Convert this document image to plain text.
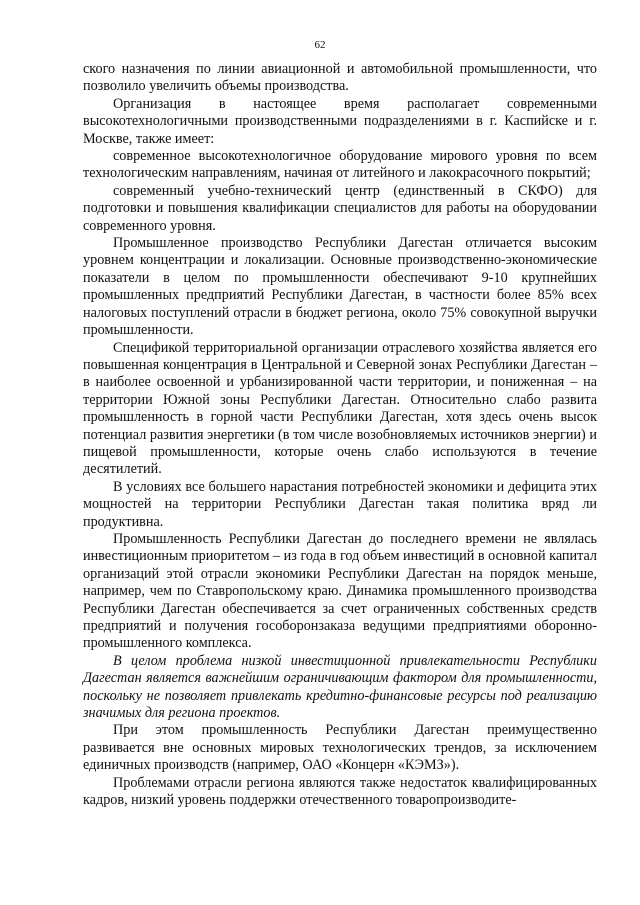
62

ского назначения по линии авиационной и автомобильной промышленности, что позволило увеличить объемы производства.

Организация в настоящее время располагает современными высокотехнологичными производственными подразделениями в г. Каспийске и г. Москве, также имеет:

современное высокотехнологичное оборудование мирового уровня по всем технологическим направлениям, начиная от литейного и лакокрасочного покрытий;

современный учебно-технический центр (единственный в СКФО) для подготовки и повышения квалификации специалистов для работы на оборудовании современного уровня.

Промышленное производство Республики Дагестан отличается высоким уровнем концентрации и локализации. Основные производственно-экономические показатели в целом по промышленности обеспечивают 9-10 крупнейших промышленных предприятий Республики Дагестан, в частности более 85% всех налоговых поступлений отрасли в бюджет региона, около 75% совокупной выручки промышленности.

Спецификой территориальной организации отраслевого хозяйства является его повышенная концентрация в Центральной и Северной зонах Республики Дагестан – в наиболее освоенной и урбанизированной части территории, и пониженная – на территории Южной зоны Республики Дагестан. Относительно слабо развита промышленность в горной части Республики Дагестан, хотя здесь очень высок потенциал развития энергетики (в том числе возобновляемых источников энергии) и пищевой промышленности, которые очень слабо используются в течение десятилетий.

В условиях все большего нарастания потребностей экономики и дефицита этих мощностей на территории Республики Дагестан такая политика вряд ли продуктивна.

Промышленность Республики Дагестан до последнего времени не являлась инвестиционным приоритетом – из года в год объем инвестиций в основной капитал организаций этой отрасли экономики Республики Дагестан на порядок меньше, например, чем по Ставропольскому краю. Динамика промышленного производства Республики Дагестан обеспечивается за счет ограниченных собственных средств предприятий и получения гособоронзаказа ведущими предприятиями оборонно-промышленного комплекса.

В целом проблема низкой инвестиционной привлекательности Республики Дагестан является важнейшим ограничивающим фактором для промышленности, поскольку не позволяет привлекать кредитно-финансовые ресурсы под реализацию значимых для региона проектов.

При этом промышленность Республики Дагестан преимущественно развивается вне основных мировых технологических трендов, за исключением единичных производств (например, ОАО «Концерн «КЭМЗ»).

Проблемами отрасли региона являются также недостаток квалифицированных кадров, низкий уровень поддержки отечественного товаропроизводите-
